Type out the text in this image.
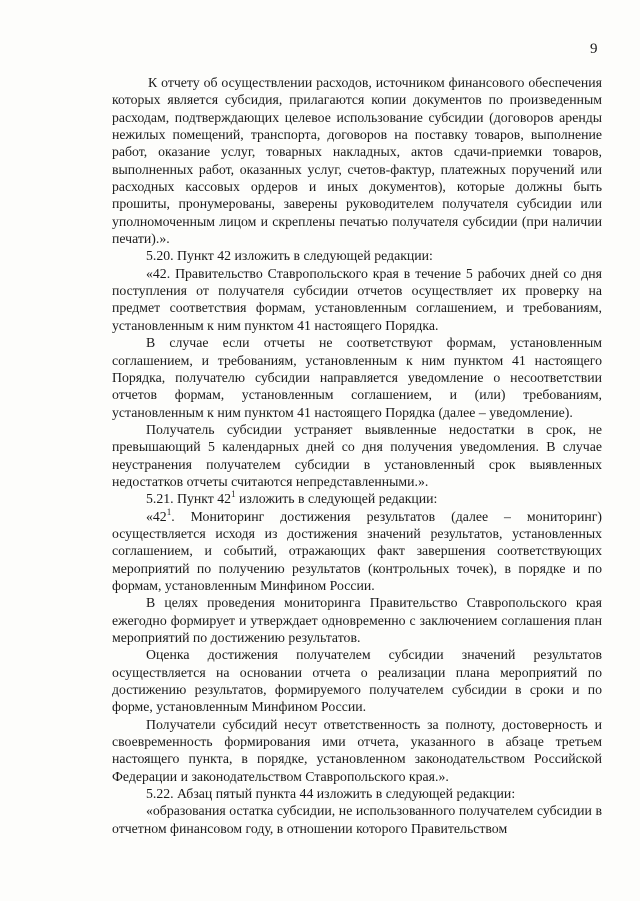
9

К отчету об осуществлении расходов, источником финансового обеспечения которых является субсидия, прилагаются копии документов по произведенным расходам, подтверждающих целевое использование субсидии (договоров аренды нежилых помещений, транспорта, договоров на поставку товаров, выполнение работ, оказание услуг, товарных накладных, актов сдачи-приемки товаров, выполненных работ, оказанных услуг, счетов-фактур, платежных поручений или расходных кассовых ордеров и иных документов), которые должны быть прошиты, пронумерованы, заверены руководителем получателя субсидии или уполномоченным лицом и скреплены печатью получателя субсидии (при наличии печати).».

5.20. Пункт 42 изложить в следующей редакции:

«42. Правительство Ставропольского края в течение 5 рабочих дней со дня поступления от получателя субсидии отчетов осуществляет их проверку на предмет соответствия формам, установленным соглашением, и требованиям, установленным к ним пунктом 41 настоящего Порядка.

В случае если отчеты не соответствуют формам, установленным соглашением, и требованиям, установленным к ним пунктом 41 настоящего Порядка, получателю субсидии направляется уведомление о несоответствии отчетов формам, установленным соглашением, и (или) требованиям, установленным к ним пунктом 41 настоящего Порядка (далее – уведомление).

Получатель субсидии устраняет выявленные недостатки в срок, не превышающий 5 календарных дней со дня получения уведомления. В случае неустранения получателем субсидии в установленный срок выявленных недостатков отчеты считаются непредставленными.».

5.21. Пункт $42^1$ изложить в следующей редакции:

«$42^1$. Мониторинг достижения результатов (далее – мониторинг) осуществляется исходя из достижения значений результатов, установленных соглашением, и событий, отражающих факт завершения соответствующих мероприятий по получению результатов (контрольных точек), в порядке и по формам, установленным Минфином России.

В целях проведения мониторинга Правительство Ставропольского края ежегодно формирует и утверждает одновременно с заключением соглашения план мероприятий по достижению результатов.

Оценка достижения получателем субсидии значений результатов осуществляется на основании отчета о реализации плана мероприятий по достижению результатов, формируемого получателем субсидии в сроки и по форме, установленным Минфином России.

Получатели субсидий несут ответственность за полноту, достоверность и своевременность формирования ими отчета, указанного в абзаце третьем настоящего пункта, в порядке, установленном законодательством Российской Федерации и законодательством Ставропольского края.».

5.22. Абзац пятый пункта 44 изложить в следующей редакции:

«образования остатка субсидии, не использованного получателем субсидии в отчетном финансовом году, в отношении которого Правительством
